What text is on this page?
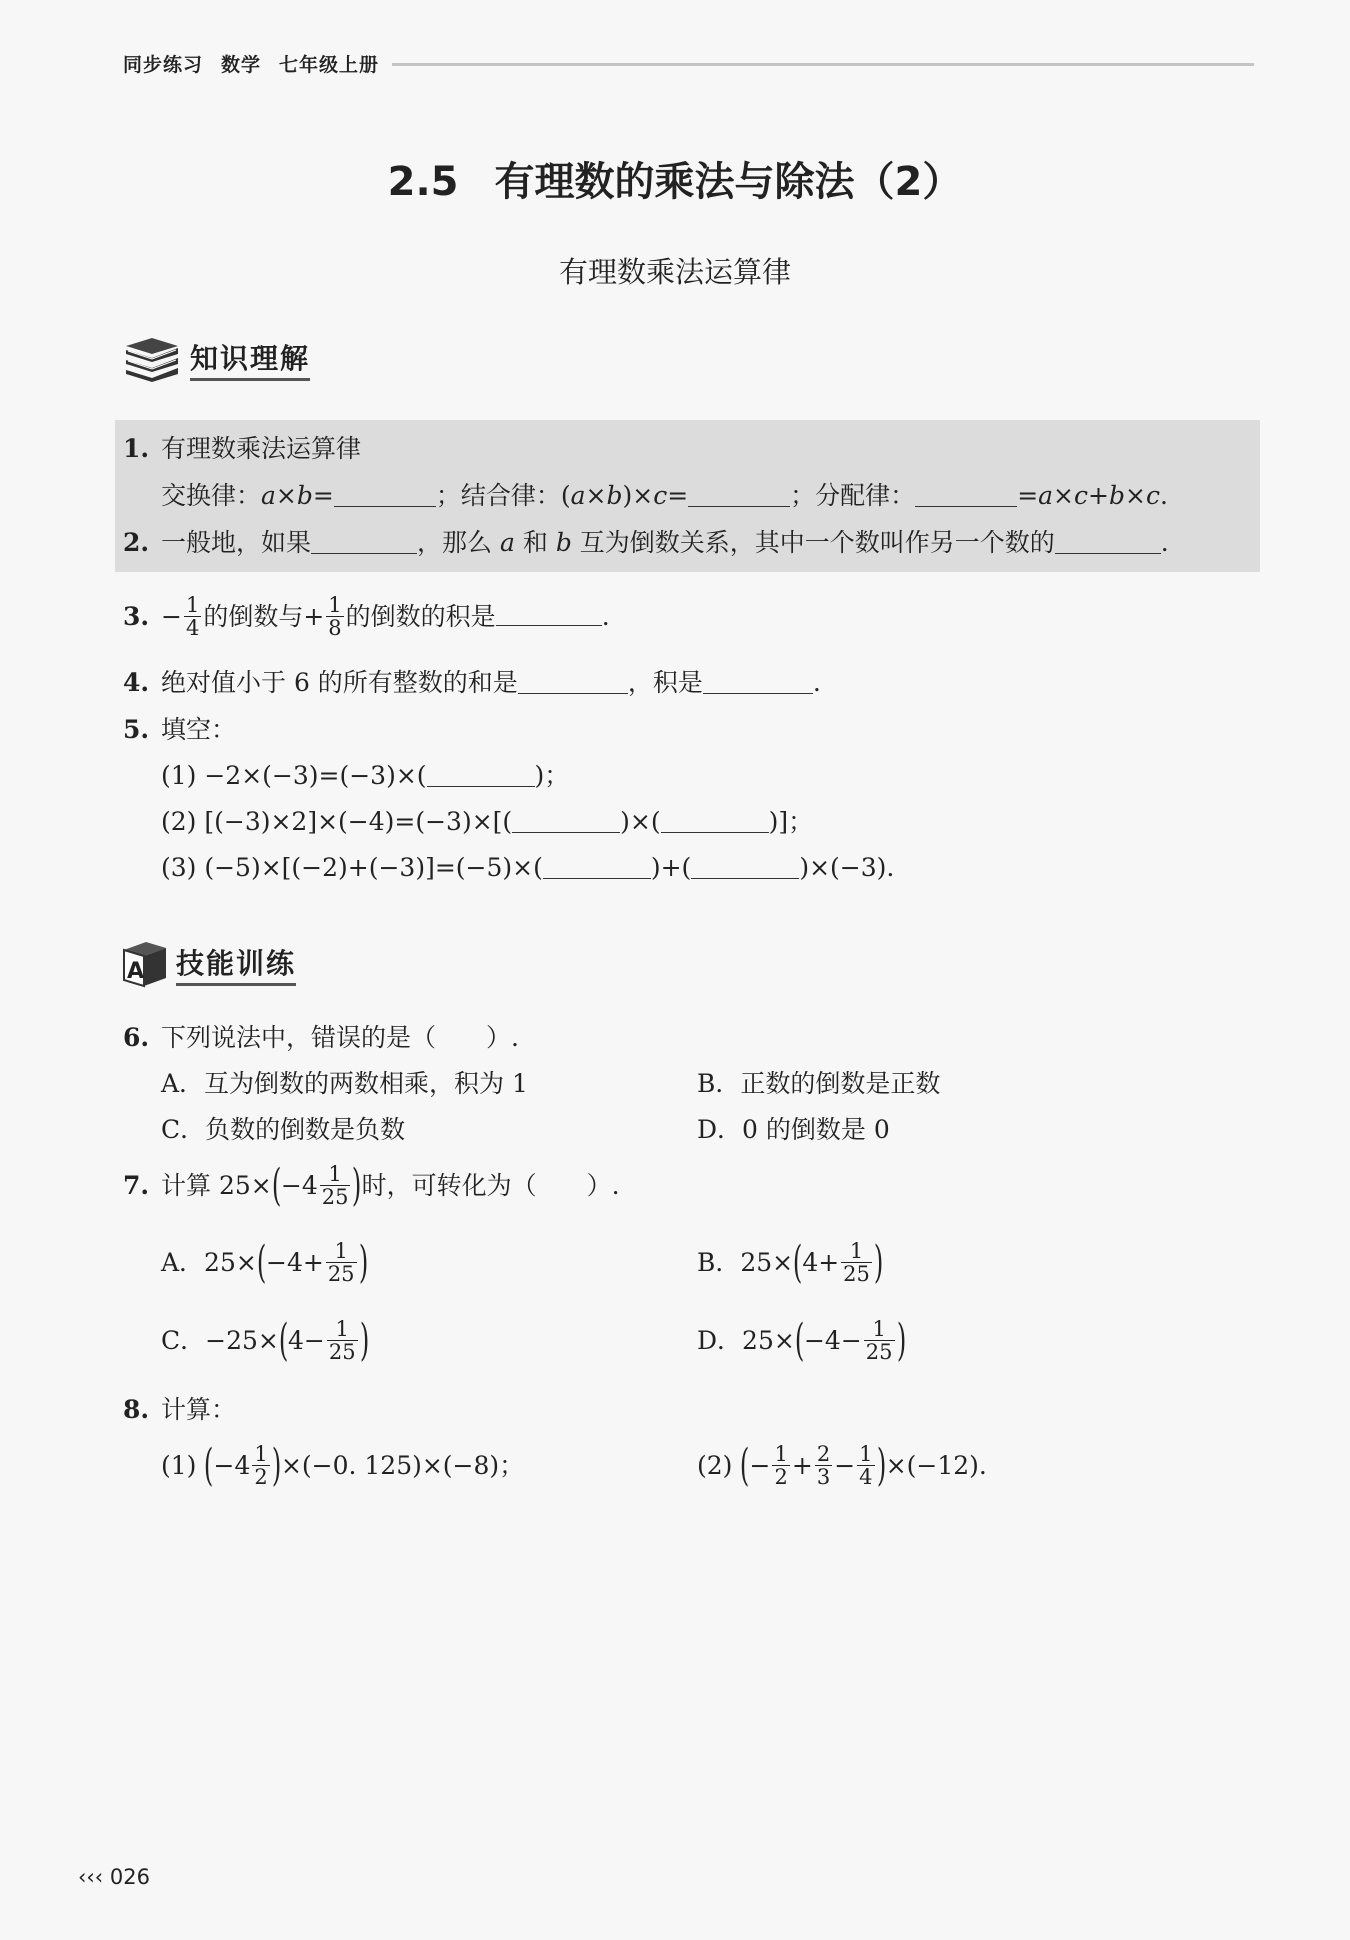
同步练习 数学 七年级上册
2.5 有理数的乘法与除法（2）
有理数乘法运算律
知识理解
1. 有理数乘法运算律
交换律：a×b=	；结合律：(a×b)×c=	；分配律：	=a×c+b×c.
2. 一般地，如果	，那么 a 和 b 互为倒数关系，其中一个数叫作另一个数的	.
3. − $\frac{1}{4}$ 的倒数与+ $\frac{1}{8}$ 的倒数的积是	.
4. 绝对值小于 6 的所有整数的和是	，积是	.
5. 填空：
(1) −2×(−3)=(−3)×(	)；
(2) [(−3)×2]×(−4)=(−3)×[(	)×(	)]；
(3) (−5)×[(−2)+(−3)]=(−5)×(	)+(	)×(−3).
A 技能训练
6. 下列说法中，错误的是（　　）.
A．互为倒数的两数相乘，积为 1	B．正数的倒数是正数
C．负数的倒数是负数	D．0 的倒数是 0
7. 计算 $25\times(-4 \frac{1}{25}$ )时，可转化为（　　）.
A．$25\times(-4+ \frac{1}{25}$ )	B．$25\times(4+ \frac{1}{25}$ )
C．$-25\times(4- \frac{1}{25}$ )	D．$25\times(-4- \frac{1}{25}$ )
8. 计算：
(1) $(-4 \frac{1}{2} )\times(-0$. 125)×(−8)；	(2) (− $\frac{1}{2} + \frac{2}{3} - \frac{1}{4} )\times(-12)$.
‹‹‹ 026
